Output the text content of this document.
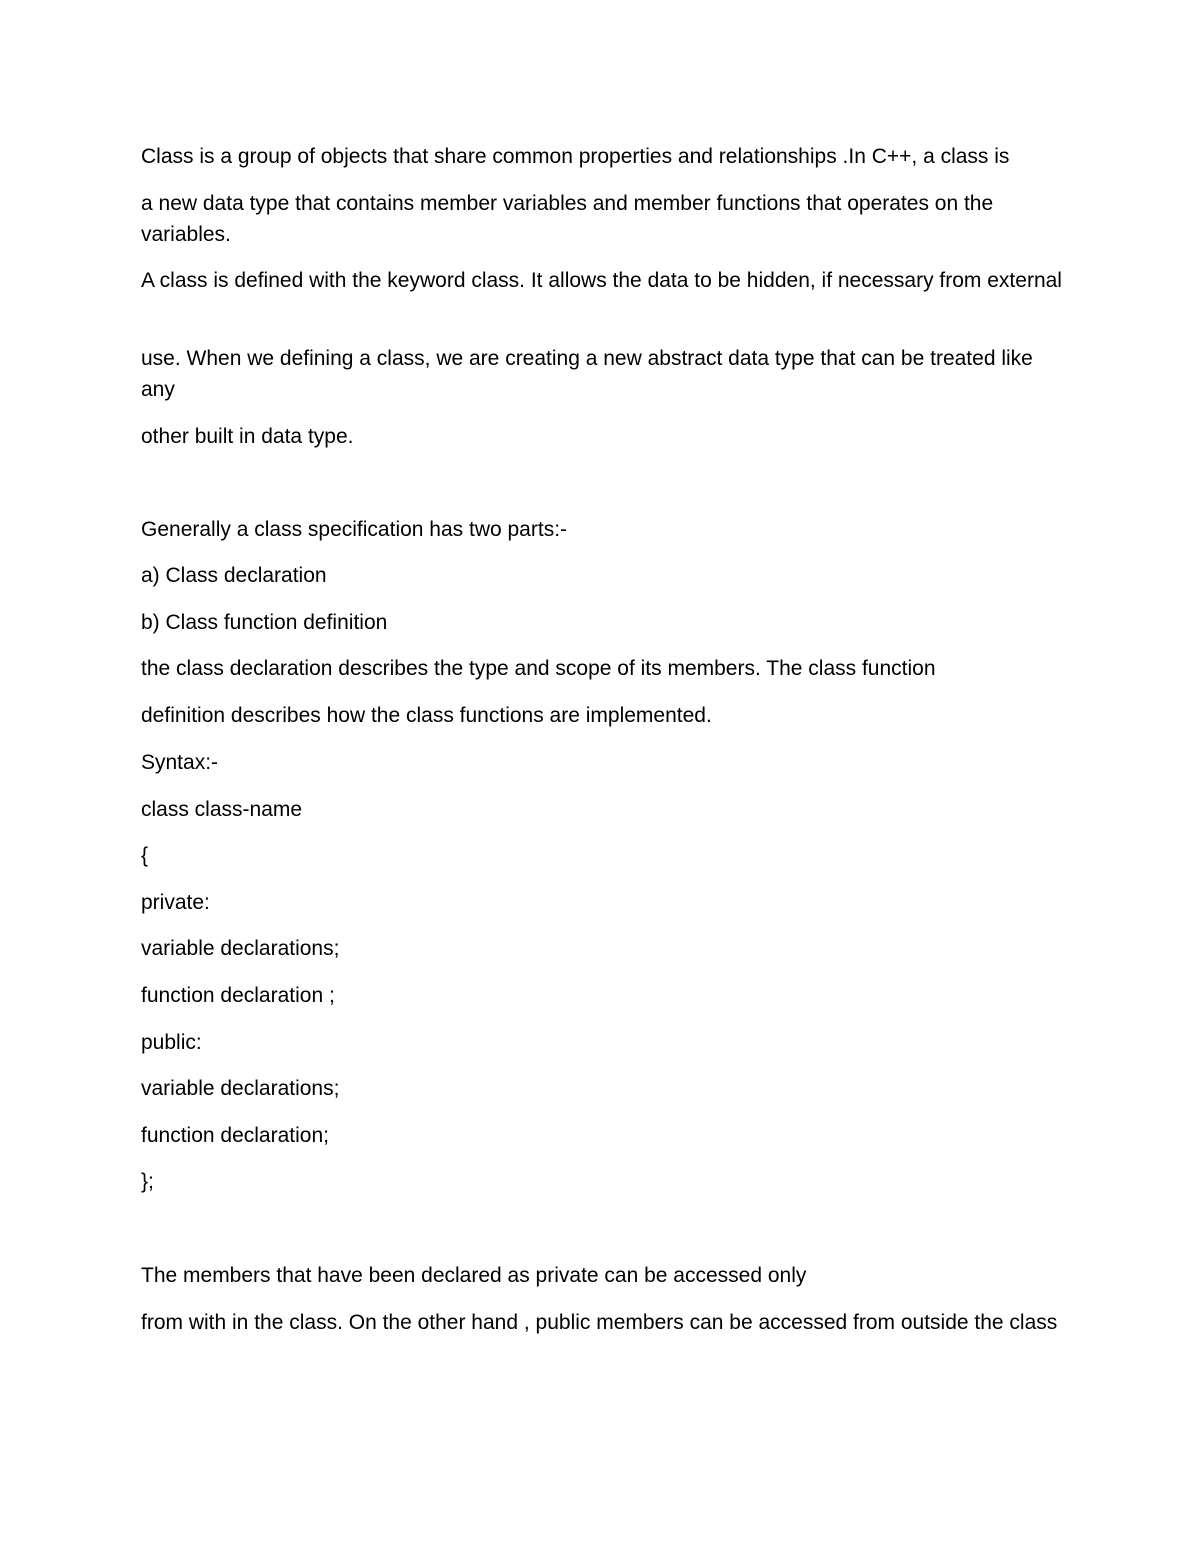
Class is a group of objects that share common properties and relationships .In C++, a class is

a new data type that contains member variables and member functions that operates on the variables.

A class is defined with the keyword class. It allows the data to be hidden, if necessary from external

use. When we defining a class, we are creating a new abstract data type that can be treated like any

other built in data type.

Generally a class specification has two parts:-

a) Class declaration

b) Class function definition

the class declaration describes the type and scope of its members. The class function

definition describes how the class functions are implemented.

Syntax:-

class class-name

{

private:

variable declarations;

function declaration ;

public:

variable declarations;

function declaration;

};

The members that have been declared as private can be accessed only

from with in the class. On the other hand , public members can be accessed from outside the class
